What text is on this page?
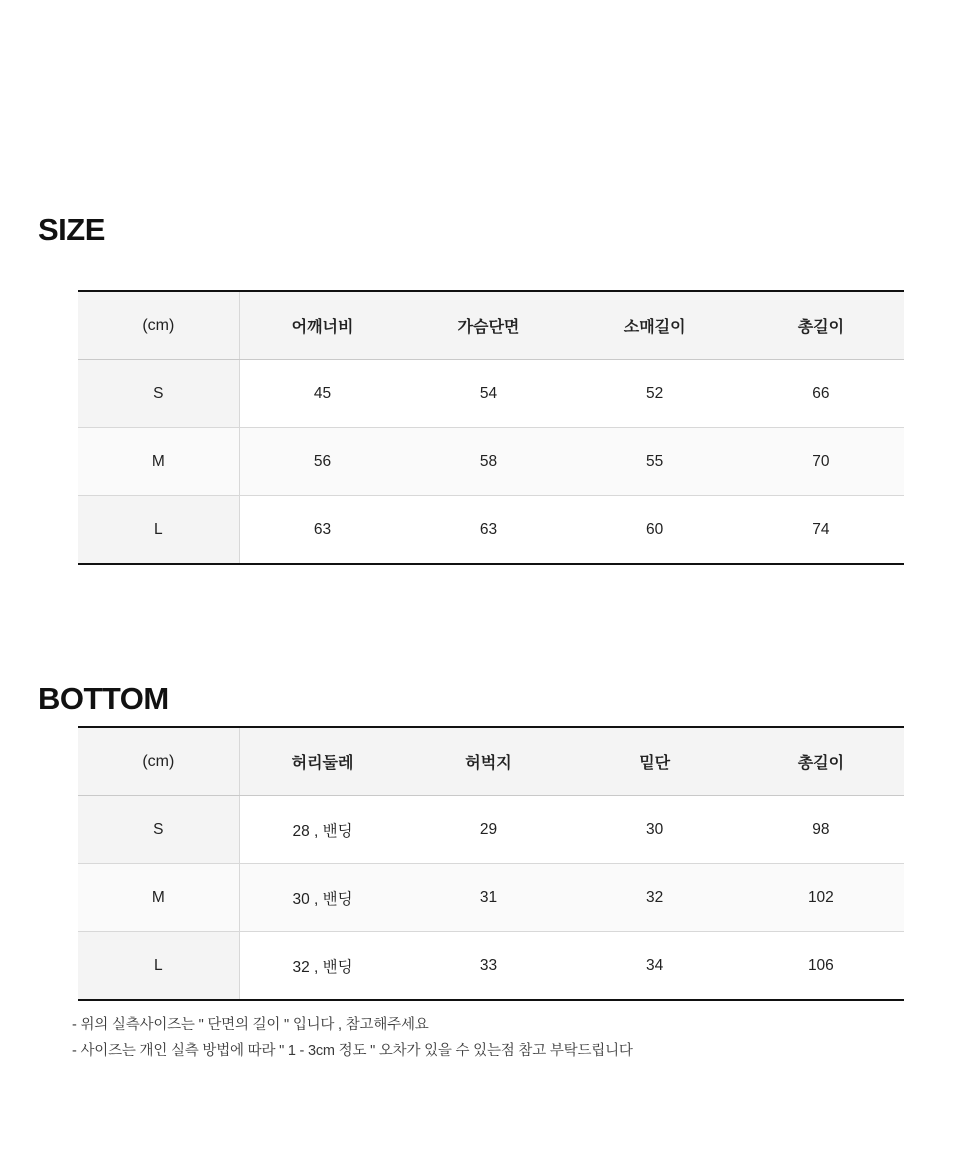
SIZE
(cm)	어깨너비	가슴단면	소매길이	총길이
S	45	54	52	66
M	56	58	55	70
L	63	63	60	74
BOTTOM
(cm)	허리둘레	허벅지	밑단	총길이
S	28 , 밴딩	29	30	98
M	30 , 밴딩	31	32	102
L	32 , 밴딩	33	34	106
- 위의 실측사이즈는 " 단면의 길이 " 입니다 , 참고해주세요
- 사이즈는 개인 실측 방법에 따라 " 1 - 3cm 정도 " 오차가 있을 수 있는점 참고 부탁드립니다
